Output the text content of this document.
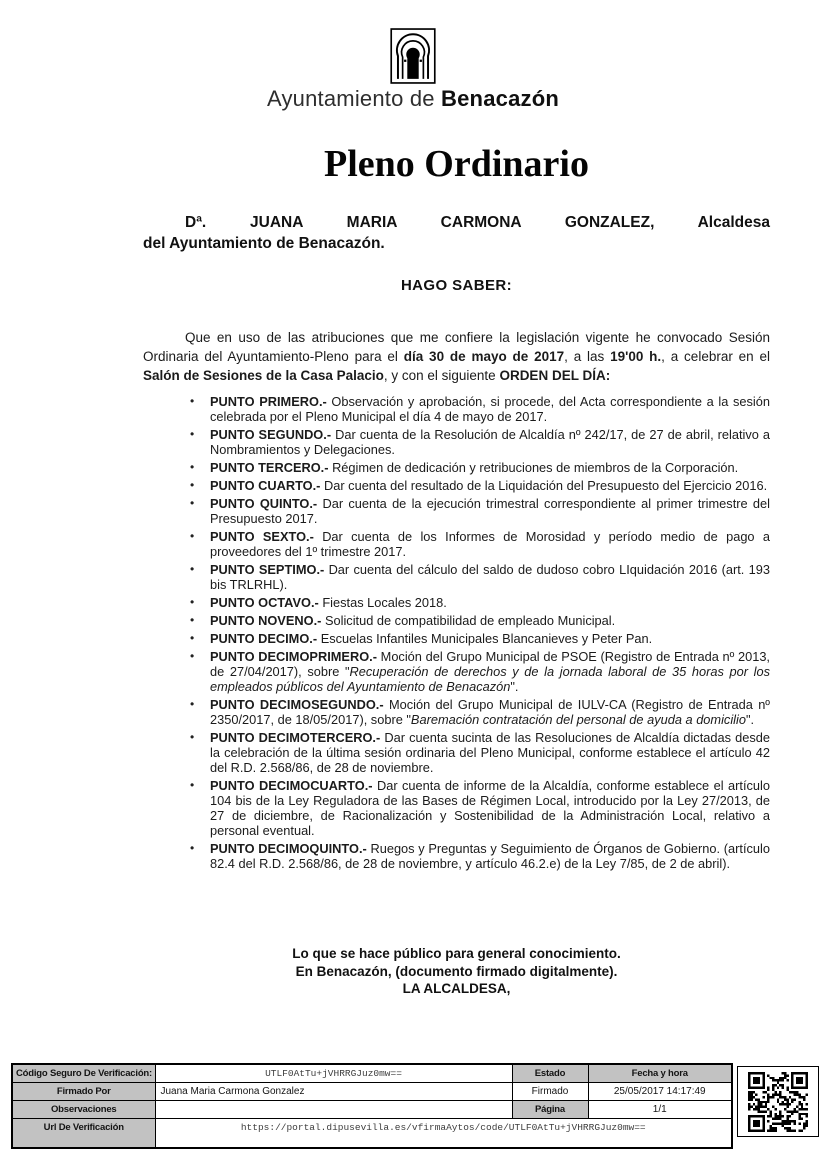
Ayuntamiento de Benacazón
Pleno Ordinario
Dª. JUANA MARIA CARMONA GONZALEZ, Alcaldesa
del Ayuntamiento de Benacazón.
HAGO SABER:

Que en uso de las atribuciones que me confiere la legislación vigente he convocado Sesión Ordinaria del Ayuntamiento-Pleno para el día 30 de mayo de 2017, a las 19'00 h., a celebrar en el Salón de Sesiones de la Casa Palacio, y con el siguiente ORDEN DEL DÍA:

• PUNTO PRIMERO.- Observación y aprobación, si procede, del Acta correspondiente a la sesión celebrada por el Pleno Municipal el día 4 de mayo de 2017.
• PUNTO SEGUNDO.- Dar cuenta de la Resolución de Alcaldía nº 242/17, de 27 de abril, relativo a Nombramientos y Delegaciones.
• PUNTO TERCERO.- Régimen de dedicación y retribuciones de miembros de la Corporación.
• PUNTO CUARTO.- Dar cuenta del resultado de la Liquidación del Presupuesto del Ejercicio 2016.
• PUNTO QUINTO.- Dar cuenta de la ejecución trimestral correspondiente al primer trimestre del Presupuesto 2017.
• PUNTO SEXTO.- Dar cuenta de los Informes de Morosidad y período medio de pago a proveedores del 1º trimestre 2017.
• PUNTO SEPTIMO.- Dar cuenta del cálculo del saldo de dudoso cobro LIquidación 2016 (art. 193 bis TRLRHL).
• PUNTO OCTAVO.- Fiestas Locales 2018.
• PUNTO NOVENO.- Solicitud de compatibilidad de empleado Municipal.
• PUNTO DECIMO.- Escuelas Infantiles Municipales Blancanieves y Peter Pan.
• PUNTO DECIMOPRIMERO.- Moción del Grupo Municipal de PSOE (Registro de Entrada nº 2013, de 27/04/2017), sobre "Recuperación de derechos y de la jornada laboral de 35 horas por los empleados públicos del Ayuntamiento de Benacazón".
• PUNTO DECIMOSEGUNDO.- Moción del Grupo Municipal de IULV-CA (Registro de Entrada nº 2350/2017, de 18/05/2017), sobre "Baremación contratación del personal de ayuda a domicilio".
• PUNTO DECIMOTERCERO.- Dar cuenta sucinta de las Resoluciones de Alcaldía dictadas desde la celebración de la última sesión ordinaria del Pleno Municipal, conforme establece el artículo 42 del R.D. 2.568/86, de 28 de noviembre.
• PUNTO DECIMOCUARTO.- Dar cuenta de informe de la Alcaldía, conforme establece el artículo 104 bis de la Ley Reguladora de las Bases de Régimen Local, introducido por la Ley 27/2013, de 27 de diciembre, de Racionalización y Sostenibilidad de la Administración Local, relativo a personal eventual.
• PUNTO DECIMOQUINTO.- Ruegos y Preguntas y Seguimiento de Órganos de Gobierno. (artículo 82.4 del R.D. 2.568/86, de 28 de noviembre, y artículo 46.2.e) de la Ley 7/85, de 2 de abril).
Lo que se hace público para general conocimiento.
En Benacazón, (documento firmado digitalmente).
LA ALCALDESA,
Código Seguro De Verificación:	UTLF0AtTu+jVHRRGJuz0mw==	Estado	Fecha y hora
Firmado Por	Juana Maria Carmona Gonzalez	Firmado	25/05/2017 14:17:49
Observaciones		Página	1/1
Url De Verificación	https://portal.dipusevilla.es/vfirmaAytos/code/UTLF0AtTu+jVHRRGJuz0mw==		
